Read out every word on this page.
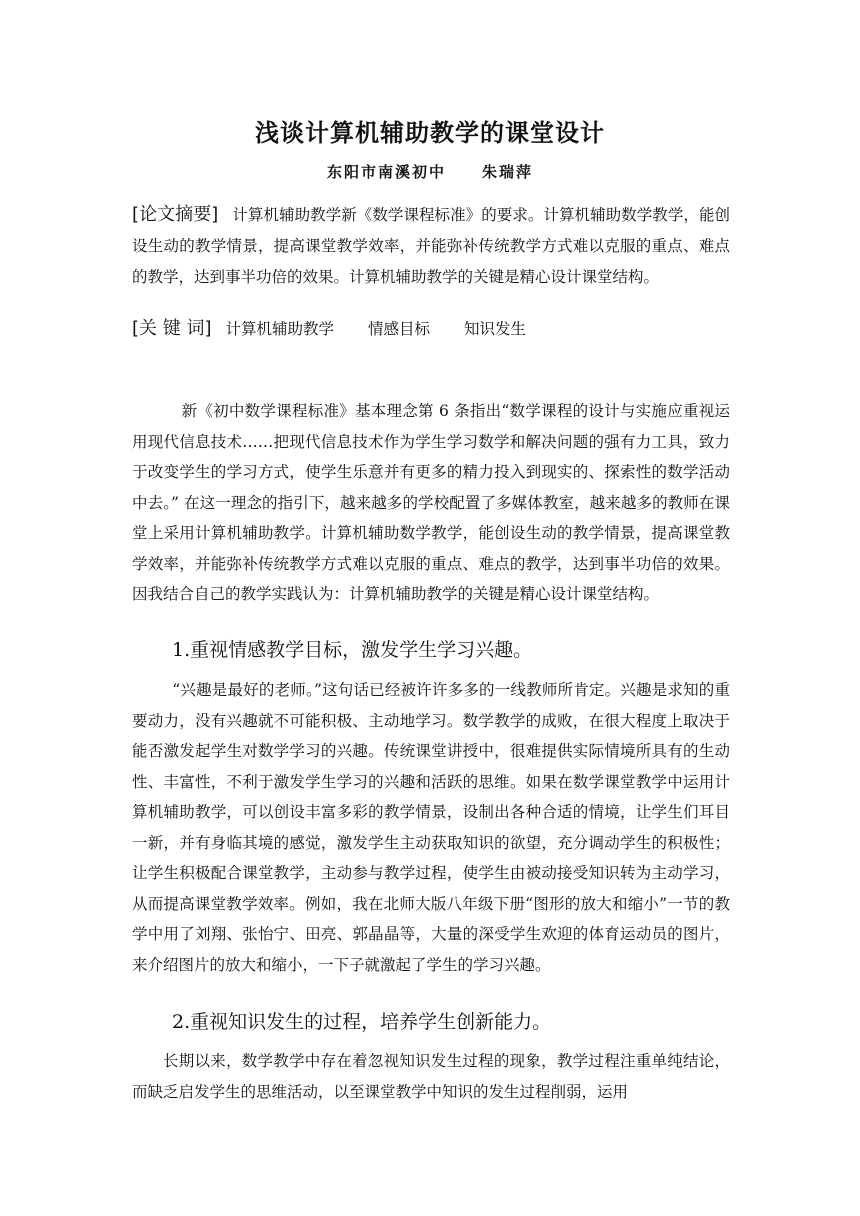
浅谈计算机辅助教学的课堂设计
东阳市南溪初中 朱瑞萍
[论文摘要] 计算机辅助教学新《数学课程标准》的要求。计算机辅助数学教学，能创设生动的教学情景，提高课堂教学效率，并能弥补传统教学方式难以克服的重点、难点的教学，达到事半功倍的效果。计算机辅助教学的关键是精心设计课堂结构。
[关 键 词] 计算机辅助教学 情感目标 知识发生

新《初中数学课程标准》基本理念第 6 条指出“数学课程的设计与实施应重视运用现代信息技术……把现代信息技术作为学生学习数学和解决问题的强有力工具，致力于改变学生的学习方式，使学生乐意并有更多的精力投入到现实的、探索性的数学活动中去。” 在这一理念的指引下，越来越多的学校配置了多媒体教室，越来越多的教师在课堂上采用计算机辅助教学。计算机辅助数学教学，能创设生动的教学情景，提高课堂教学效率，并能弥补传统教学方式难以克服的重点、难点的教学，达到事半功倍的效果。因我结合自己的教学实践认为：计算机辅助教学的关键是精心设计课堂结构。

1.重视情感教学目标，激发学生学习兴趣。

“兴趣是最好的老师。”这句话已经被许许多多的一线教师所肯定。兴趣是求知的重要动力，没有兴趣就不可能积极、主动地学习。数学教学的成败，在很大程度上取决于能否激发起学生对数学学习的兴趣。传统课堂讲授中，很难提供实际情境所具有的生动性、丰富性，不利于激发学生学习的兴趣和活跃的思维。如果在数学课堂教学中运用计算机辅助教学，可以创设丰富多彩的教学情景，设制出各种合适的情境，让学生们耳目一新，并有身临其境的感觉，激发学生主动获取知识的欲望，充分调动学生的积极性；让学生积极配合课堂教学，主动参与教学过程，使学生由被动接受知识转为主动学习，从而提高课堂教学效率。例如，我在北师大版八年级下册“图形的放大和缩小”一节的教学中用了刘翔、张怡宁、田亮、郭晶晶等，大量的深受学生欢迎的体育运动员的图片，来介绍图片的放大和缩小，一下子就激起了学生的学习兴趣。

2.重视知识发生的过程，培养学生创新能力。

长期以来，数学教学中存在着忽视知识发生过程的现象，教学过程注重单纯结论，而缺乏启发学生的思维活动，以至课堂教学中知识的发生过程削弱，运用
